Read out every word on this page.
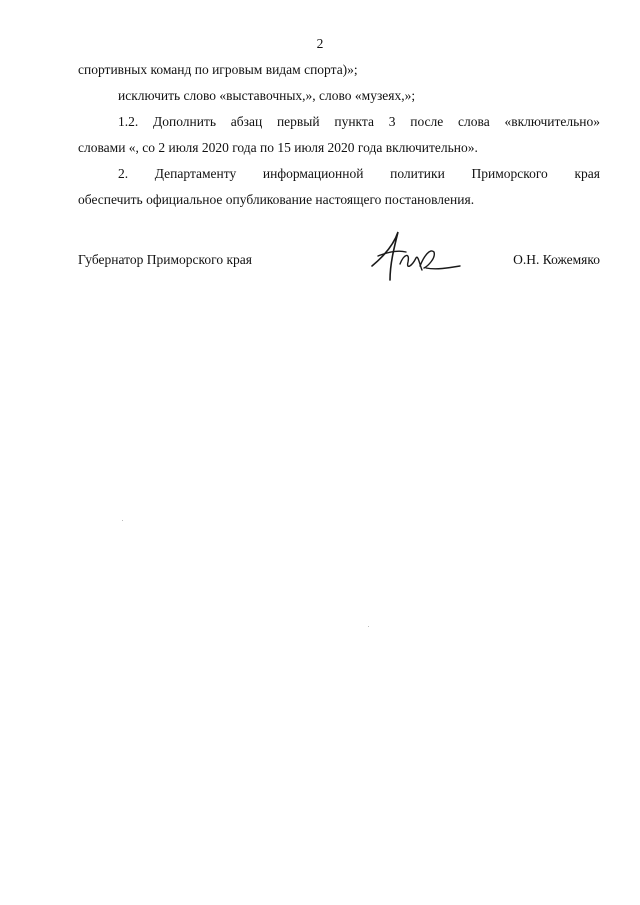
2
спортивных команд по игровым видам спорта)»;
исключить слово «выставочных,», слово «музеях,»;
1.2. Дополнить абзац первый пункта 3 после слова «включительно»
словами «, со 2 июля 2020 года по 15 июля 2020 года включительно».
2. Департаменту информационной политики Приморского края
обеспечить официальное опубликование настоящего постановления.
Губернатор Приморского края	О.Н. Кожемяко
